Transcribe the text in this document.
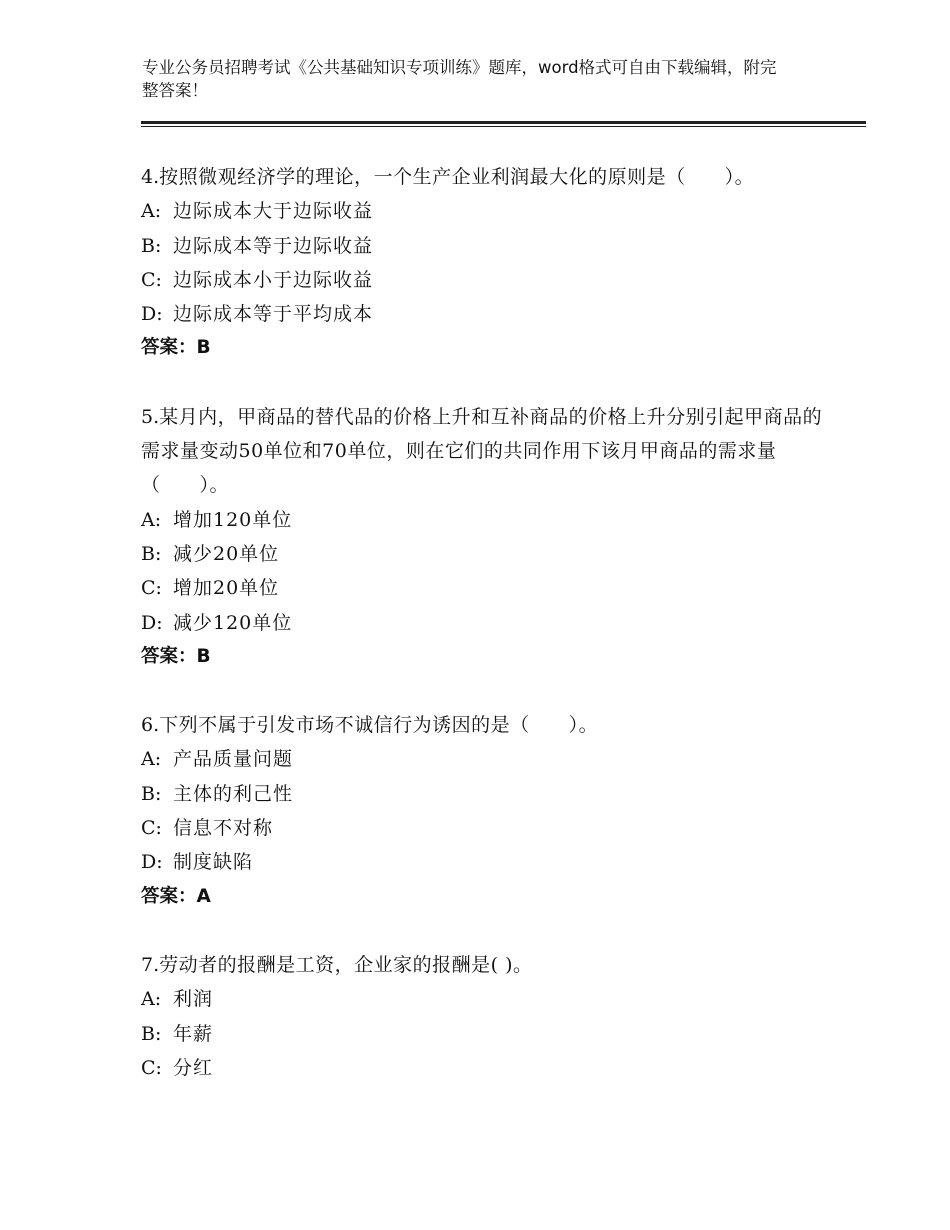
专业公务员招聘考试《公共基础知识专项训练》题库，word格式可自由下载编辑，附完整答案！

4.按照微观经济学的理论，一个生产企业利润最大化的原则是（　　）。

A: 边际成本大于边际收益
B: 边际成本等于边际收益
C: 边际成本小于边际收益
D: 边际成本等于平均成本
答案：B

5.某月内，甲商品的替代品的价格上升和互补商品的价格上升分别引起甲商品的需求量变动50单位和70单位，则在它们的共同作用下该月甲商品的需求量（　　）。

A: 增加120单位
B: 减少20单位
C: 增加20单位
D: 减少120单位
答案：B

6.下列不属于引发市场不诚信行为诱因的是（　　）。

A: 产品质量问题
B: 主体的利己性
C: 信息不对称
D: 制度缺陷
答案：A

7.劳动者的报酬是工资，企业家的报酬是( )。

A: 利润
B: 年薪
C: 分红
